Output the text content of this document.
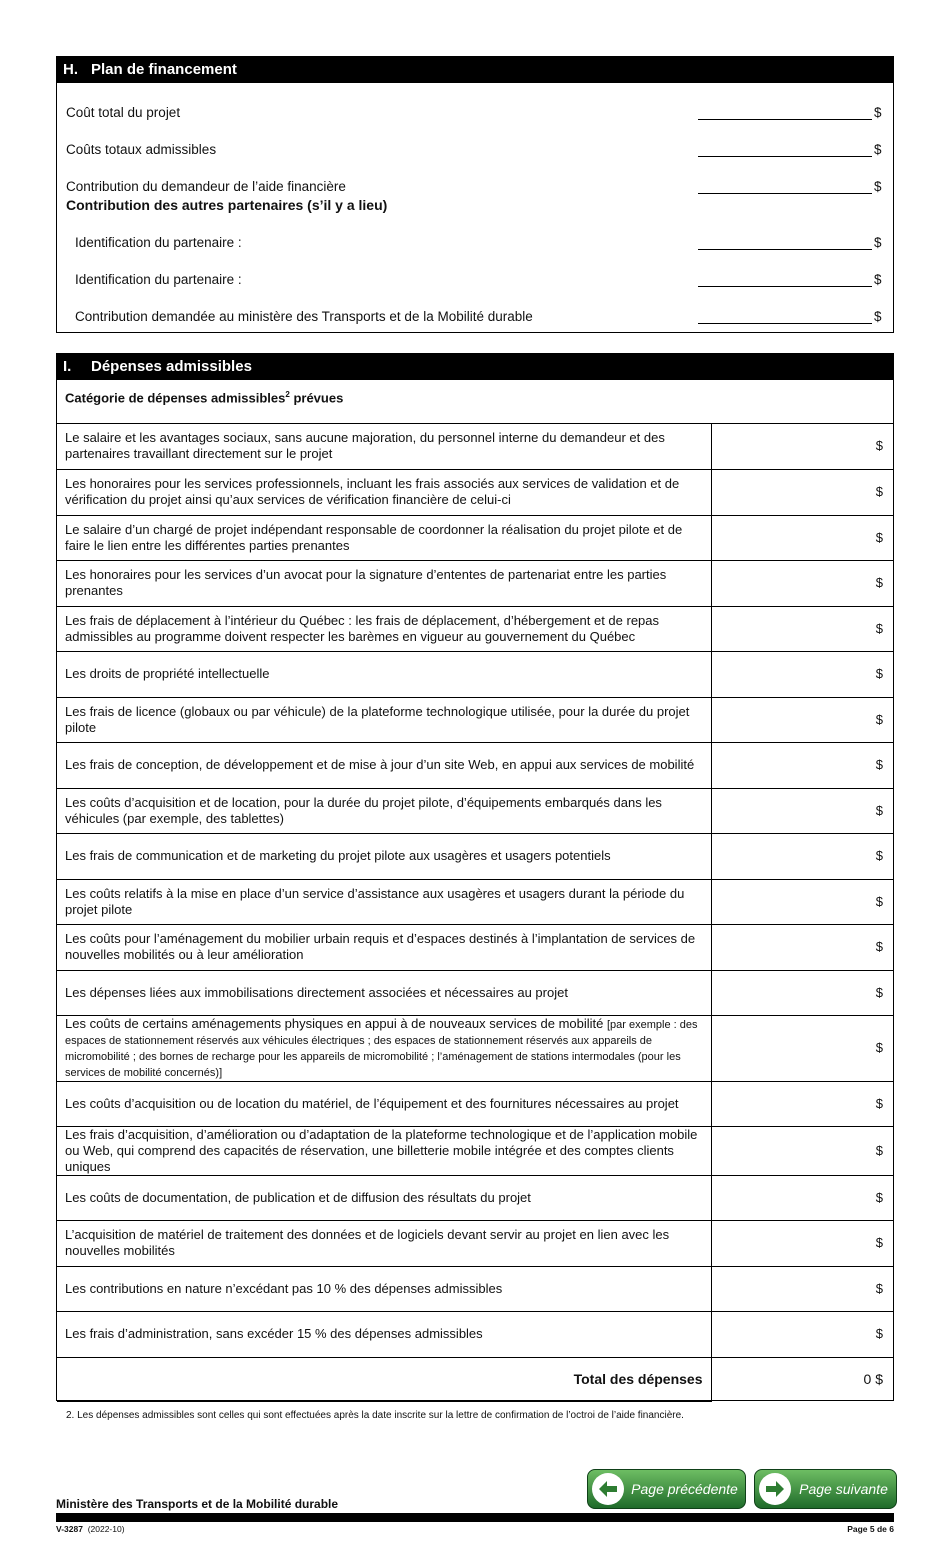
H. Plan de financement
Coût total du projet	$
Coûts totaux admissibles	$
Contribution du demandeur de l’aide financière	$
Contribution des autres partenaires (s’il y a lieu)
Identification du partenaire :	$
Identification du partenaire :	$
Contribution demandée au ministère des Transports et de la Mobilité durable	$
I. Dépenses admissibles
Catégorie de dépenses admissibles$^2$ prévues
Le salaire et les avantages sociaux, sans aucune majoration, du personnel interne du demandeur et des partenaires travaillant directement sur le projet	$
Les honoraires pour les services professionnels, incluant les frais associés aux services de validation et de vérification du projet ainsi qu’aux services de vérification financière de celui-ci	$
Le salaire d’un chargé de projet indépendant responsable de coordonner la réalisation du projet pilote et de faire le lien entre les différentes parties prenantes	$
Les honoraires pour les services d’un avocat pour la signature d’ententes de partenariat entre les parties prenantes	$
Les frais de déplacement à l’intérieur du Québec : les frais de déplacement, d’hébergement et de repas admissibles au programme doivent respecter les barèmes en vigueur au gouvernement du Québec	$
Les droits de propriété intellectuelle	$
Les frais de licence (globaux ou par véhicule) de la plateforme technologique utilisée, pour la durée du projet pilote	$
Les frais de conception, de développement et de mise à jour d’un site Web, en appui aux services de mobilité	$
Les coûts d’acquisition et de location, pour la durée du projet pilote, d’équipements embarqués dans les véhicules (par exemple, des tablettes)	$
Les frais de communication et de marketing du projet pilote aux usagères et usagers potentiels	$
Les coûts relatifs à la mise en place d’un service d’assistance aux usagères et usagers durant la période du projet pilote	$
Les coûts pour l’aménagement du mobilier urbain requis et d’espaces destinés à l’implantation de services de nouvelles mobilités ou à leur amélioration	$
Les dépenses liées aux immobilisations directement associées et nécessaires au projet	$
Les coûts de certains aménagements physiques en appui à de nouveaux services de mobilité [par exemple : des espaces de stationnement réservés aux véhicules électriques ; des espaces de stationnement réservés aux appareils de micromobilité ; des bornes de recharge pour les appareils de micromobilité ; l’aménagement de stations intermodales (pour les services de mobilité concernés)]	$
Les coûts d’acquisition ou de location du matériel, de l’équipement et des fournitures nécessaires au projet	$
Les frais d’acquisition, d’amélioration ou d’adaptation de la plateforme technologique et de l’application mobile ou Web, qui comprend des capacités de réservation, une billetterie mobile intégrée et des comptes clients uniques	$
Les coûts de documentation, de publication et de diffusion des résultats du projet	$
L’acquisition de matériel de traitement des données et de logiciels devant servir au projet en lien avec les nouvelles mobilités	$
Les contributions en nature n’excédant pas 10 % des dépenses admissibles	$
Les frais d’administration, sans excéder 15 % des dépenses admissibles	$
Total des dépenses	0 $
2. Les dépenses admissibles sont celles qui sont effectuées après la date inscrite sur la lettre de confirmation de l’octroi de l’aide financière.
Page précédente	Page suivante
Ministère des Transports et de la Mobilité durable
V-3287 (2022-10)	Page 5 de 6
